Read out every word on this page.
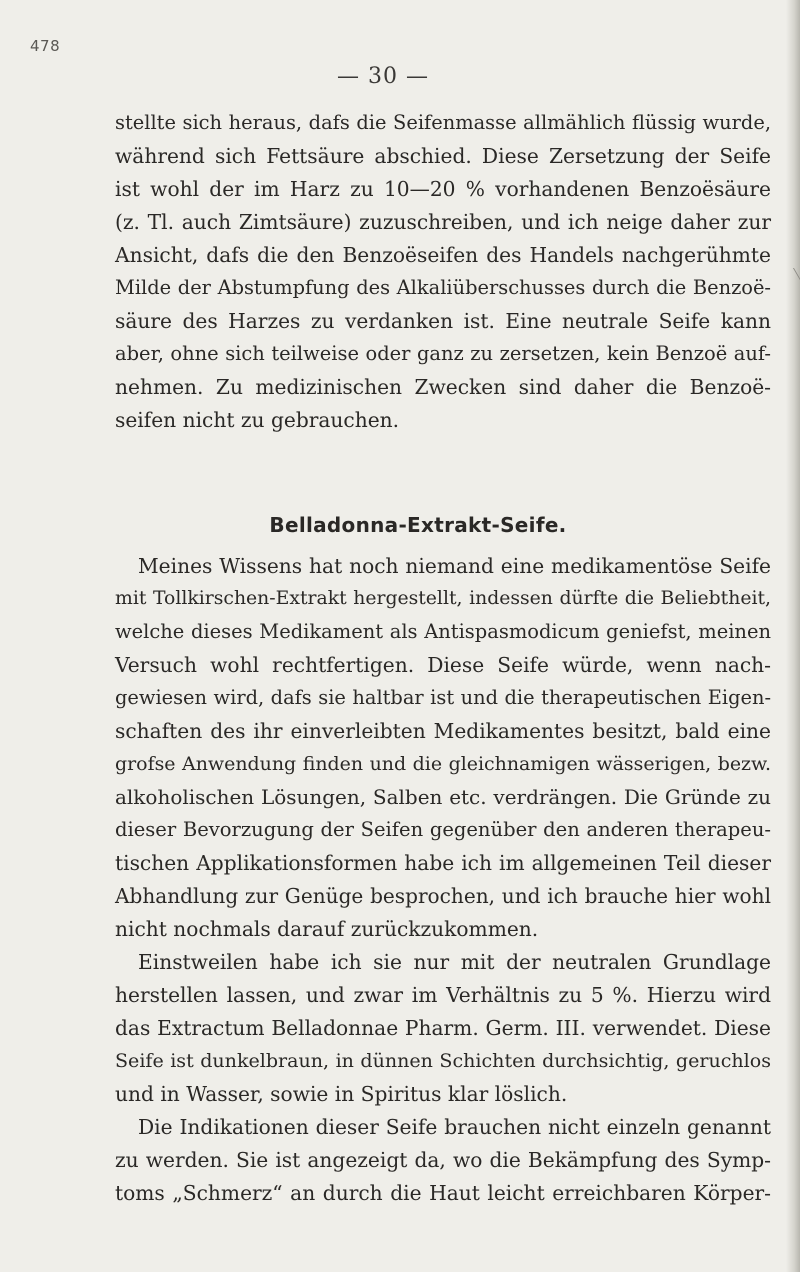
478
— 30 —
stellte sich heraus, dafs die Seifenmasse allmählich flüssig wurde,
während sich Fettsäure abschied. Diese Zersetzung der Seife
ist wohl der im Harz zu 10—20 % vorhandenen Benzoësäure
(z. Tl. auch Zimtsäure) zuzuschreiben, und ich neige daher zur
Ansicht, dafs die den Benzoëseifen des Handels nachgerühmte
Milde der Abstumpfung des Alkaliüberschusses durch die Benzoë-
säure des Harzes zu verdanken ist. Eine neutrale Seife kann
aber, ohne sich teilweise oder ganz zu zersetzen, kein Benzoë auf-
nehmen. Zu medizinischen Zwecken sind daher die Benzoë-
seifen nicht zu gebrauchen.
Belladonna-Extrakt-Seife.
Meines Wissens hat noch niemand eine medikamentöse Seife
mit Tollkirschen-Extrakt hergestellt, indessen dürfte die Beliebtheit,
welche dieses Medikament als Antispasmodicum geniefst, meinen
Versuch wohl rechtfertigen. Diese Seife würde, wenn nach-
gewiesen wird, dafs sie haltbar ist und die therapeutischen Eigen-
schaften des ihr einverleibten Medikamentes besitzt, bald eine
grofse Anwendung finden und die gleichnamigen wässerigen, bezw.
alkoholischen Lösungen, Salben etc. verdrängen. Die Gründe zu
dieser Bevorzugung der Seifen gegenüber den anderen therapeu-
tischen Applikationsformen habe ich im allgemeinen Teil dieser
Abhandlung zur Genüge besprochen, und ich brauche hier wohl
nicht nochmals darauf zurückzukommen.
Einstweilen habe ich sie nur mit der neutralen Grundlage
herstellen lassen, und zwar im Verhältnis zu 5 %. Hierzu wird
das Extractum Belladonnae Pharm. Germ. III. verwendet. Diese
Seife ist dunkelbraun, in dünnen Schichten durchsichtig, geruchlos
und in Wasser, sowie in Spiritus klar löslich.
Die Indikationen dieser Seife brauchen nicht einzeln genannt
zu werden. Sie ist angezeigt da, wo die Bekämpfung des Symp-
toms „Schmerz“ an durch die Haut leicht erreichbaren Körper-
